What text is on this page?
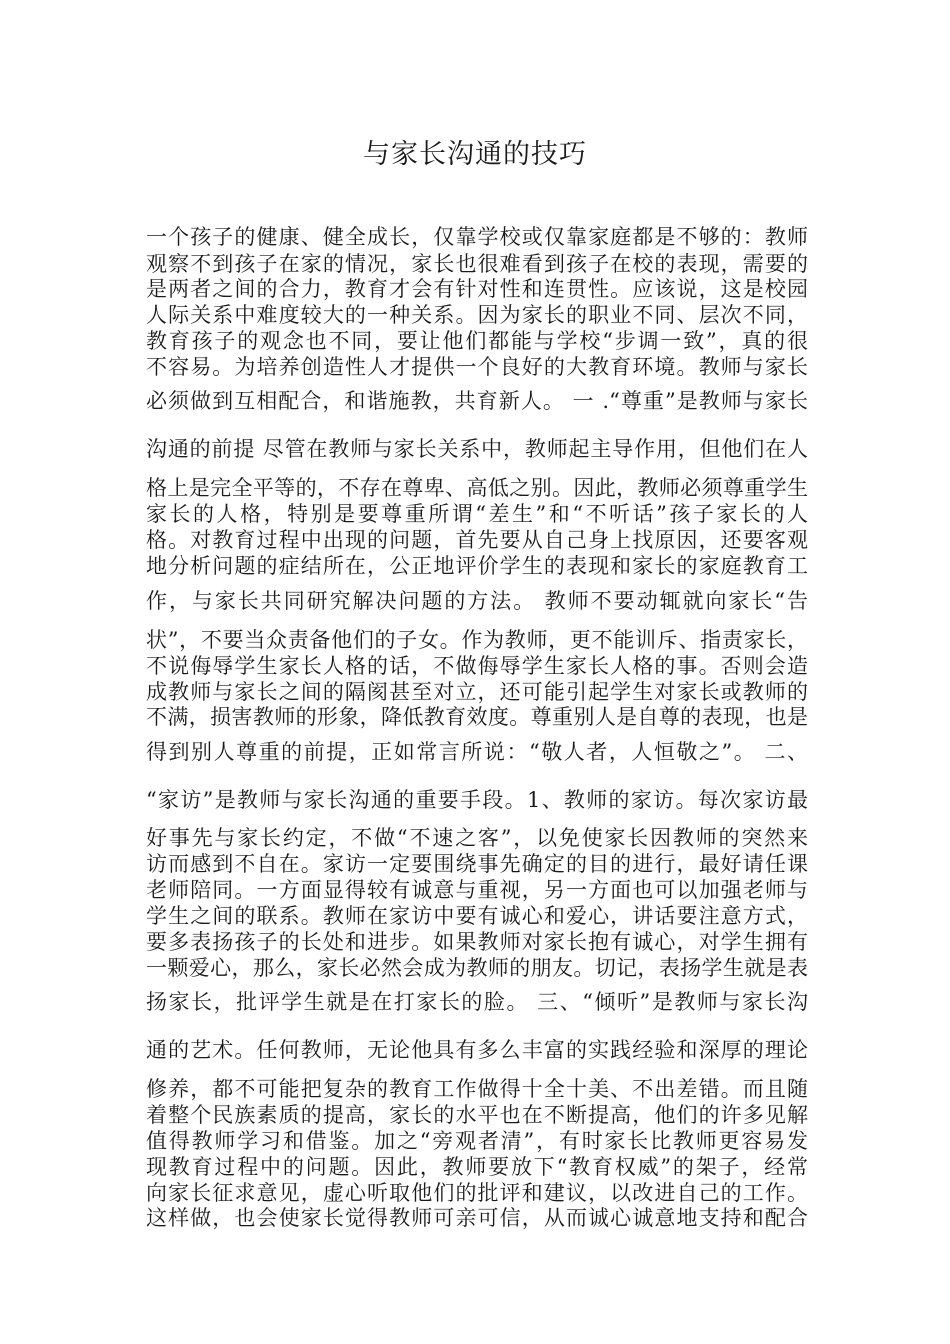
与家长沟通的技巧
一个孩子的健康、健全成长，仅靠学校或仅靠家庭都是不够的：教师
观察不到孩子在家的情况，家长也很难看到孩子在校的表现，需要的
是两者之间的合力，教育才会有针对性和连贯性。应该说，这是校园
人际关系中难度较大的一种关系。因为家长的职业不同、层次不同，
教育孩子的观念也不同，要让他们都能与学校“步调一致”，真的很
不容易。为培养创造性人才提供一个良好的大教育环境。教师与家长
必须做到互相配合，和谐施教，共育新人。 一 .“尊重”是教师与家长
沟通的前提 尽管在教师与家长关系中，教师起主导作用，但他们在人
格上是完全平等的，不存在尊卑、高低之别。因此，教师必须尊重学生
家长的人格，特别是要尊重所谓“差生”和“不听话”孩子家长的人
格。对教育过程中出现的问题，首先要从自己身上找原因，还要客观
地分析问题的症结所在，公正地评价学生的表现和家长的家庭教育工
作，与家长共同研究解决问题的方法。 教师不要动辄就向家长“告
状”，不要当众责备他们的子女。作为教师，更不能训斥、指责家长，
不说侮辱学生家长人格的话，不做侮辱学生家长人格的事。否则会造
成教师与家长之间的隔阂甚至对立，还可能引起学生对家长或教师的
不满，损害教师的形象，降低教育效度。尊重别人是自尊的表现，也是
得到别人尊重的前提，正如常言所说：“敬人者，人恒敬之”。 二、
“家访”是教师与家长沟通的重要手段。1、教师的家访。每次家访最
好事先与家长约定，不做“不速之客”，以免使家长因教师的突然来
访而感到不自在。家访一定要围绕事先确定的目的进行，最好请任课
老师陪同。一方面显得较有诚意与重视，另一方面也可以加强老师与
学生之间的联系。教师在家访中要有诚心和爱心，讲话要注意方式，
要多表扬孩子的长处和进步。如果教师对家长抱有诚心，对学生拥有
一颗爱心，那么，家长必然会成为教师的朋友。切记，表扬学生就是表
扬家长，批评学生就是在打家长的脸。 三、“倾听”是教师与家长沟
通的艺术。任何教师，无论他具有多么丰富的实践经验和深厚的理论
修养，都不可能把复杂的教育工作做得十全十美、不出差错。而且随
着整个民族素质的提高，家长的水平也在不断提高，他们的许多见解
值得教师学习和借鉴。加之“旁观者清”，有时家长比教师更容易发
现教育过程中的问题。因此，教师要放下“教育权威”的架子，经常
向家长征求意见，虚心听取他们的批评和建议，以改进自己的工作。
这样做，也会使家长觉得教师可亲可信，从而诚心诚意地支持和配合
